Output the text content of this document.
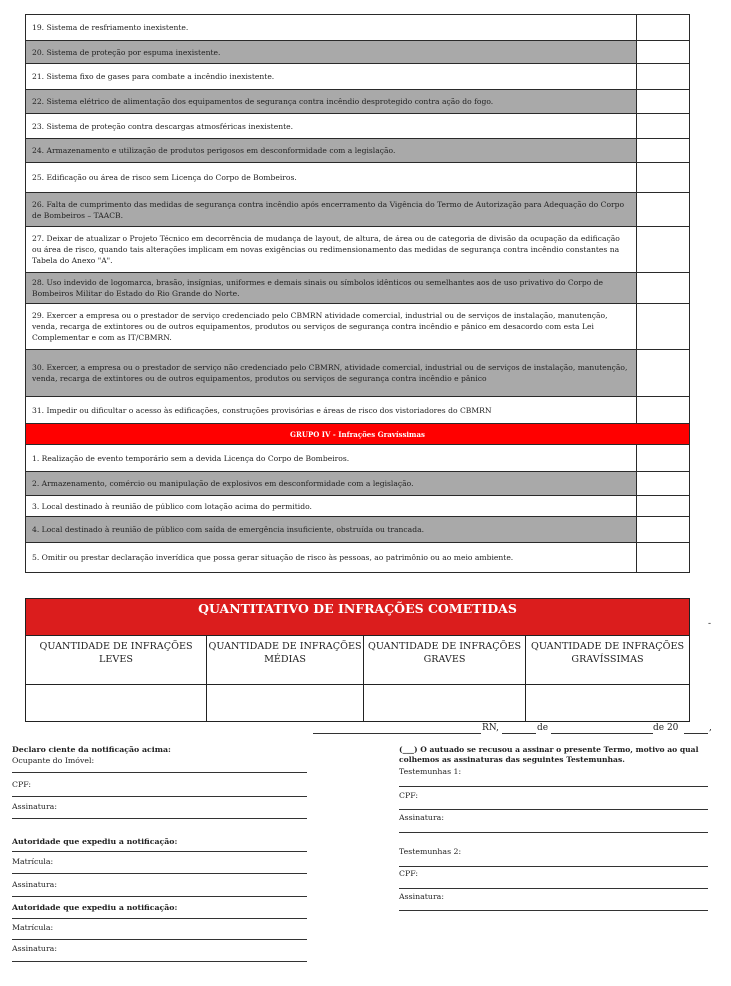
19. Sistema de resfriamento inexistente.	
20. Sistema de proteção por espuma inexistente.	
21. Sistema fixo de gases para combate a incêndio inexistente.	
22. Sistema elétrico de alimentação dos equipamentos de segurança contra incêndio desprotegido contra ação do fogo.	
23. Sistema de proteção contra descargas atmosféricas inexistente.	
24. Armazenamento e utilização de produtos perigosos em desconformidade com a legislação.	
25. Edificação ou área de risco sem Licença do Corpo de Bombeiros.	
26. Falta de cumprimento das medidas de segurança contra incêndio após encerramento da Vigência do Termo de Autorização para Adequação do Corpo de Bombeiros – TAACB.	
27. Deixar de atualizar o Projeto Técnico em decorrência de mudança de layout, de altura, de área ou de categoria de divisão da ocupação da edificação ou área de risco, quando tais alterações implicam em novas exigências ou redimensionamento das medidas de segurança contra incêndio constantes na Tabela do Anexo "A".	
28. Uso indevido de logomarca, brasão, insígnias, uniformes e demais sinais ou símbolos idênticos ou semelhantes aos de uso privativo do Corpo de Bombeiros Militar do Estado do Rio Grande do Norte.	
29. Exercer a empresa ou o prestador de serviço credenciado pelo CBMRN atividade comercial, industrial ou de serviços de instalação, manutenção, venda, recarga de extintores ou de outros equipamentos, produtos ou serviços de segurança contra incêndio e pânico em desacordo com esta Lei Complementar e com as IT/CBMRN.	
30. Exercer, a empresa ou o prestador de serviço não credenciado pelo CBMRN, atividade comercial, industrial ou de serviços de instalação, manutenção, venda, recarga de extintores ou de outros equipamentos, produtos ou serviços de segurança contra incêndio e pânico	
31. Impedir ou dificultar o acesso às edificações, construções provisórias e áreas de risco dos vistoriadores do CBMRN	
GRUPO IV - Infrações Gravíssimas	
1. Realização de evento temporário sem a devida Licença do Corpo de Bombeiros.	
2. Armazenamento, comércio ou manipulação de explosivos em desconformidade com a legislação.	
3. Local destinado à reunião de público com lotação acima do permitido.	
4. Local destinado à reunião de público com saída de emergência insuficiente, obstruída ou trancada.	
5. Omitir ou prestar declaração inverídica que possa gerar situação de risco às pessoas, ao patrimônio ou ao meio ambiente.	
QUANTITATIVO DE INFRAÇÕES COMETIDAS
QUANTIDADE DE INFRAÇÕES LEVES	QUANTIDADE DE INFRAÇÕES MÉDIAS	QUANTIDADE DE INFRAÇÕES GRAVES	QUANTIDADE DE INFRAÇÕES GRAVÍSSIMAS

-
RN,	de	de 20	,
Declaro ciente da notificação acima:
Ocupante do Imóvel:
CPF:
Assinatura:
Autoridade que expediu a notificação:
Matrícula:
Assinatura:
Autoridade que expediu a notificação:
Matrícula:
Assinatura:
(___) O autuado se recusou a assinar o presente Termo, motivo ao qual
colhemos as assinaturas das seguintes Testemunhas.
Testemunhas 1:
CPF:
Assinatura:
Testemunhas 2:
CPF:
Assinatura:
